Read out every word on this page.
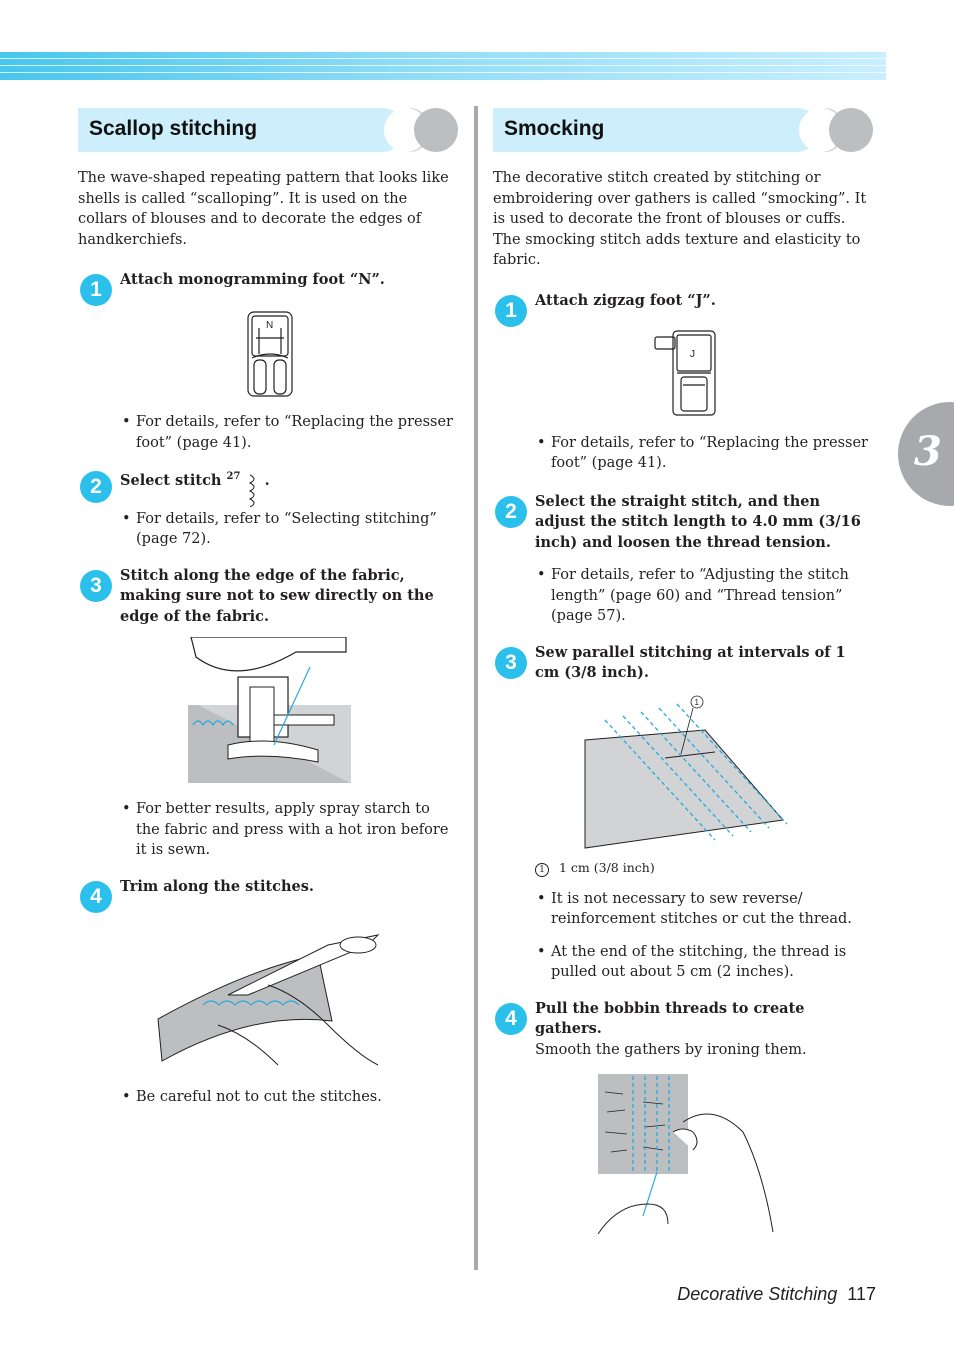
3
Scallop stitching

The wave-shaped repeating pattern that looks like shells is called “scalloping”. It is used on the collars of blouses and to decorate the edges of handkerchiefs.

1	Attach monogramming foot “N”.
N
• For details, refer to “Replacing the presser foot” (page 41).
2	Select stitch $^{27}$ .
• For details, refer to “Selecting stitching” (page 72).
3	Stitch along the edge of the fabric, making sure not to sew directly on the edge of the fabric.
• For better results, apply spray starch to the fabric and press with a hot iron before it is sewn.
4	Trim along the stitches.
• Be careful not to cut the stitches.
Smocking

The decorative stitch created by stitching or embroidering over gathers is called “smocking”. It is used to decorate the front of blouses or cuffs.

The smocking stitch adds texture and elasticity to fabric.

1	Attach zigzag foot “J”.
J
• For details, refer to “Replacing the presser foot” (page 41).
2	Select the straight stitch, and then adjust the stitch length to 4.0 mm (3/16 inch) and loosen the thread tension.
• For details, refer to “Adjusting the stitch length” (page 60) and “Thread tension” (page 57).
3	Sew parallel stitching at intervals of 1 cm (3/8 inch).
1
1 1 cm (3/8 inch)
• It is not necessary to sew reverse/ reinforcement stitches or cut the thread.
• At the end of the stitching, the thread is pulled out about 5 cm (2 inches).
4	Pull the bobbin threads to create gathers.
Smooth the gathers by ironing them.
Decorative Stitching 117
